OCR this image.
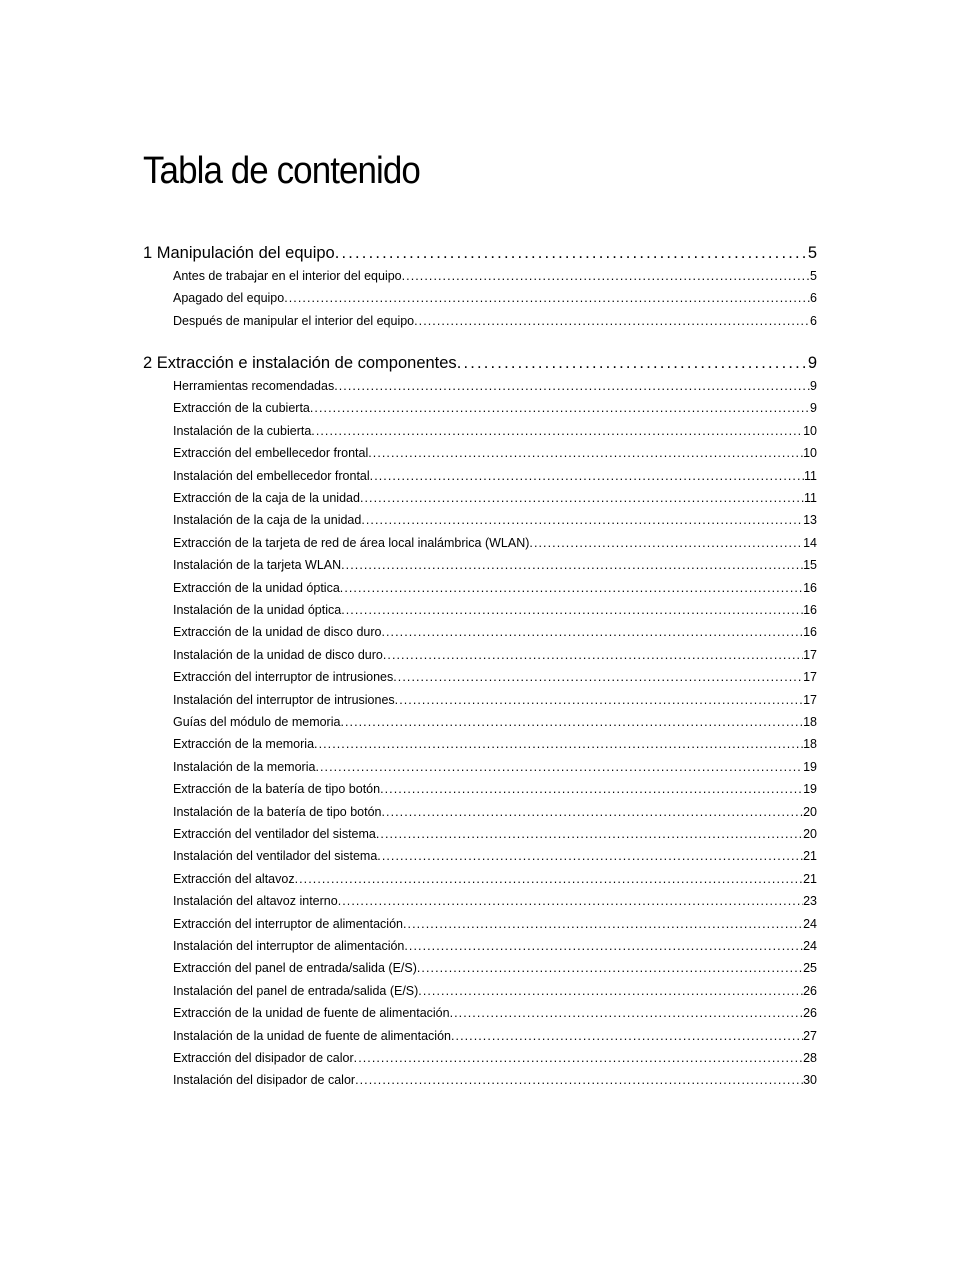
Tabla de contenido
1 Manipulación del equipo . . .	5
Antes de trabajar en el interior del equipo . . .	5
Apagado del equipo . . .	6
Después de manipular el interior del equipo . . .	6
2 Extracción e instalación de componentes . . .	9
Herramientas recomendadas . . .	9
Extracción de la cubierta . . .	9
Instalación de la cubierta . . .	10
Extracción del embellecedor frontal . . .	10
Instalación del embellecedor frontal . . .	11
Extracción de la caja de la unidad . . .	11
Instalación de la caja de la unidad . . .	13
Extracción de la tarjeta de red de área local inalámbrica (WLAN) . . .	14
Instalación de la tarjeta WLAN . . .	15
Extracción de la unidad óptica . . .	16
Instalación de la unidad óptica . . .	16
Extracción de la unidad de disco duro . . .	16
Instalación de la unidad de disco duro . . .	17
Extracción del interruptor de intrusiones . . .	17
Instalación del interruptor de intrusiones . . .	17
Guías del módulo de memoria . . .	18
Extracción de la memoria . . .	18
Instalación de la memoria . . .	19
Extracción de la batería de tipo botón . . .	19
Instalación de la batería de tipo botón . . .	20
Extracción del ventilador del sistema . . .	20
Instalación del ventilador del sistema . . .	21
Extracción del altavoz . . .	21
Instalación del altavoz interno . . .	23
Extracción del interruptor de alimentación . . .	24
Instalación del interruptor de alimentación . . .	24
Extracción del panel de entrada/salida (E/S) . . .	25
Instalación del panel de entrada/salida (E/S) . . .	26
Extracción de la unidad de fuente de alimentación . . .	26
Instalación de la unidad de fuente de alimentación . . .	27
Extracción del disipador de calor . . .	28
Instalación del disipador de calor . . .	30
